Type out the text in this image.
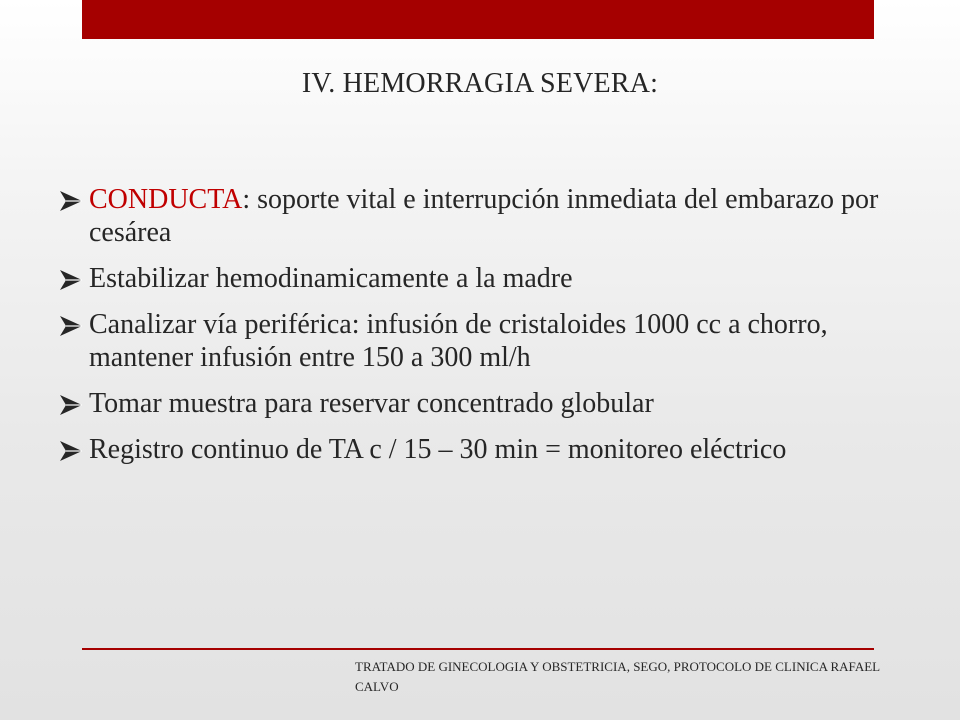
IV. HEMORRAGIA SEVERA:
CONDUCTA: soporte vital e interrupción inmediata del embarazo por cesárea
Estabilizar hemodinamicamente a la madre
Canalizar vía periférica: infusión de cristaloides 1000 cc a chorro, mantener infusión entre 150 a 300 ml/h
Tomar muestra para reservar concentrado globular
Registro continuo de TA c / 15 – 30 min = monitoreo eléctrico
TRATADO DE GINECOLOGIA Y OBSTETRICIA, SEGO, PROTOCOLO DE CLINICA RAFAEL CALVO
